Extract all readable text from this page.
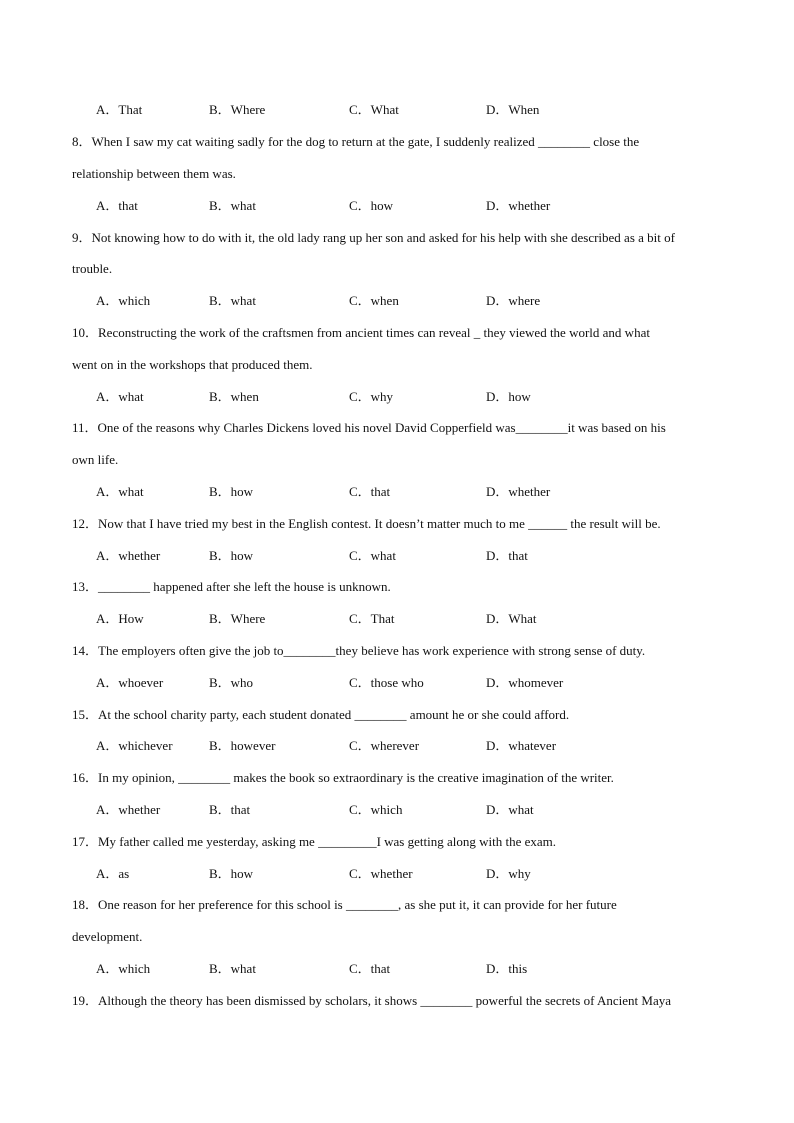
A．That	B．Where	C．What	D．When
8．When I saw my cat waiting sadly for the dog to return at the gate, I suddenly realized ________ close the
relationship between them was.
A．that	B．what	C．how	D．whether
9．Not knowing how to do with it, the old lady rang up her son and asked for his help with she described as a bit of
trouble.
A．which	B．what	C．when	D．where
10．Reconstructing the work of the craftsmen from ancient times can reveal _ they viewed the world and what
went on in the workshops that produced them.
A．what	B．when	C．why	D．how
11．One of the reasons why Charles Dickens loved his novel David Copperfield was________it was based on his
own life.
A．what	B．how	C．that	D．whether
12．Now that I have tried my best in the English contest. It doesn’t matter much to me ______ the result will be.
A．whether	B．how	C．what	D．that
13．________ happened after she left the house is unknown.
A．How	B．Where	C．That	D．What
14．The employers often give the job to________they believe has work experience with strong sense of duty.
A．whoever	B．who	C．those who	D．whomever
15．At the school charity party, each student donated ________ amount he or she could afford.
A．whichever	B．however	C．wherever	D．whatever
16．In my opinion, ________ makes the book so extraordinary is the creative imagination of the writer.
A．whether	B．that	C．which	D．what
17．My father called me yesterday, asking me _________I was getting along with the exam.
A．as	B．how	C．whether	D．why
18．One reason for her preference for this school is ________, as she put it, it can provide for her future
development.
A．which	B．what	C．that	D．this
19．Although the theory has been dismissed by scholars, it shows ________ powerful the secrets of Ancient Maya
